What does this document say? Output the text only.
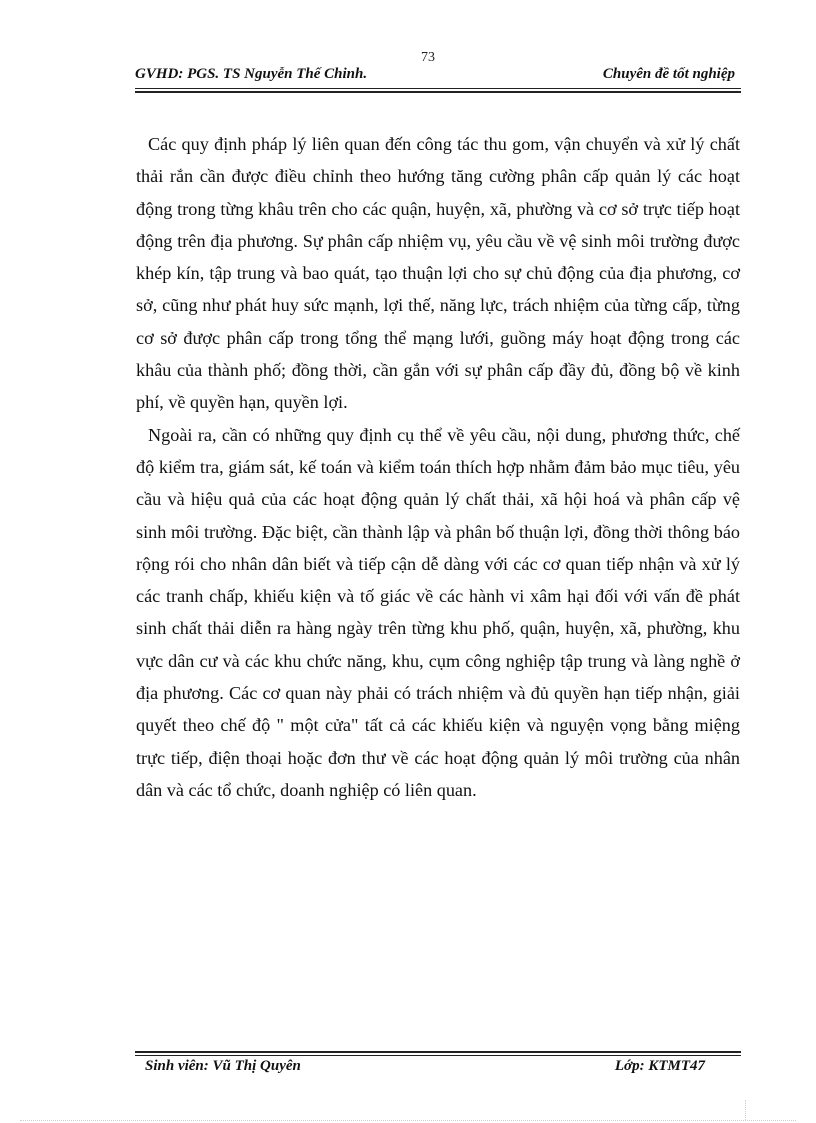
73
GVHD: PGS. TS Nguyễn Thế Chinh.	Chuyên đề tốt nghiệp

Các quy định pháp lý liên quan đến công tác thu gom, vận chuyển và xử lý chất thải rắn cần được điều chỉnh theo hướng tăng cường phân cấp quản lý các hoạt động trong từng khâu trên cho các quận, huyện, xã, phường và cơ sở trực tiếp hoạt động trên địa phương. Sự phân cấp nhiệm vụ, yêu cầu về vệ sinh môi trường được khép kín, tập trung và bao quát, tạo thuận lợi cho sự chủ động của địa phương, cơ sở, cũng như phát huy sức mạnh, lợi thế, năng lực, trách nhiệm của từng cấp, từng cơ sở được phân cấp trong tổng thể mạng lưới, guồng máy hoạt động trong các khâu của thành phố; đồng thời, cần gắn với sự phân cấp đầy đủ, đồng bộ về kinh phí, về quyền hạn, quyền lợi.

Ngoài ra, cần có những quy định cụ thể về yêu cầu, nội dung, phương thức, chế độ kiểm tra, giám sát, kế toán và kiểm toán thích hợp nhằm đảm bảo mục tiêu, yêu cầu và hiệu quả của các hoạt động quản lý chất thải, xã hội hoá và phân cấp vệ sinh môi trường. Đặc biệt, cần thành lập và phân bố thuận lợi, đồng thời thông báo rộng rói cho nhân dân biết và tiếp cận dễ dàng với các cơ quan tiếp nhận và xử lý các tranh chấp, khiếu kiện và tố giác về các hành vi xâm hại đối với vấn đề phát sinh chất thải diễn ra hàng ngày trên từng khu phố, quận, huyện, xã, phường, khu vực dân cư và các khu chức năng, khu, cụm công nghiệp tập trung và làng nghề ở địa phương. Các cơ quan này phải có trách nhiệm và đủ quyền hạn tiếp nhận, giải quyết theo chế độ " một cửa" tất cả các khiếu kiện và nguyện vọng bằng miệng trực tiếp, điện thoại hoặc đơn thư về các hoạt động quản lý môi trường của nhân dân và các tổ chức, doanh nghiệp có liên quan.

Sinh viên: Vũ Thị Quyên	Lớp: KTMT47
